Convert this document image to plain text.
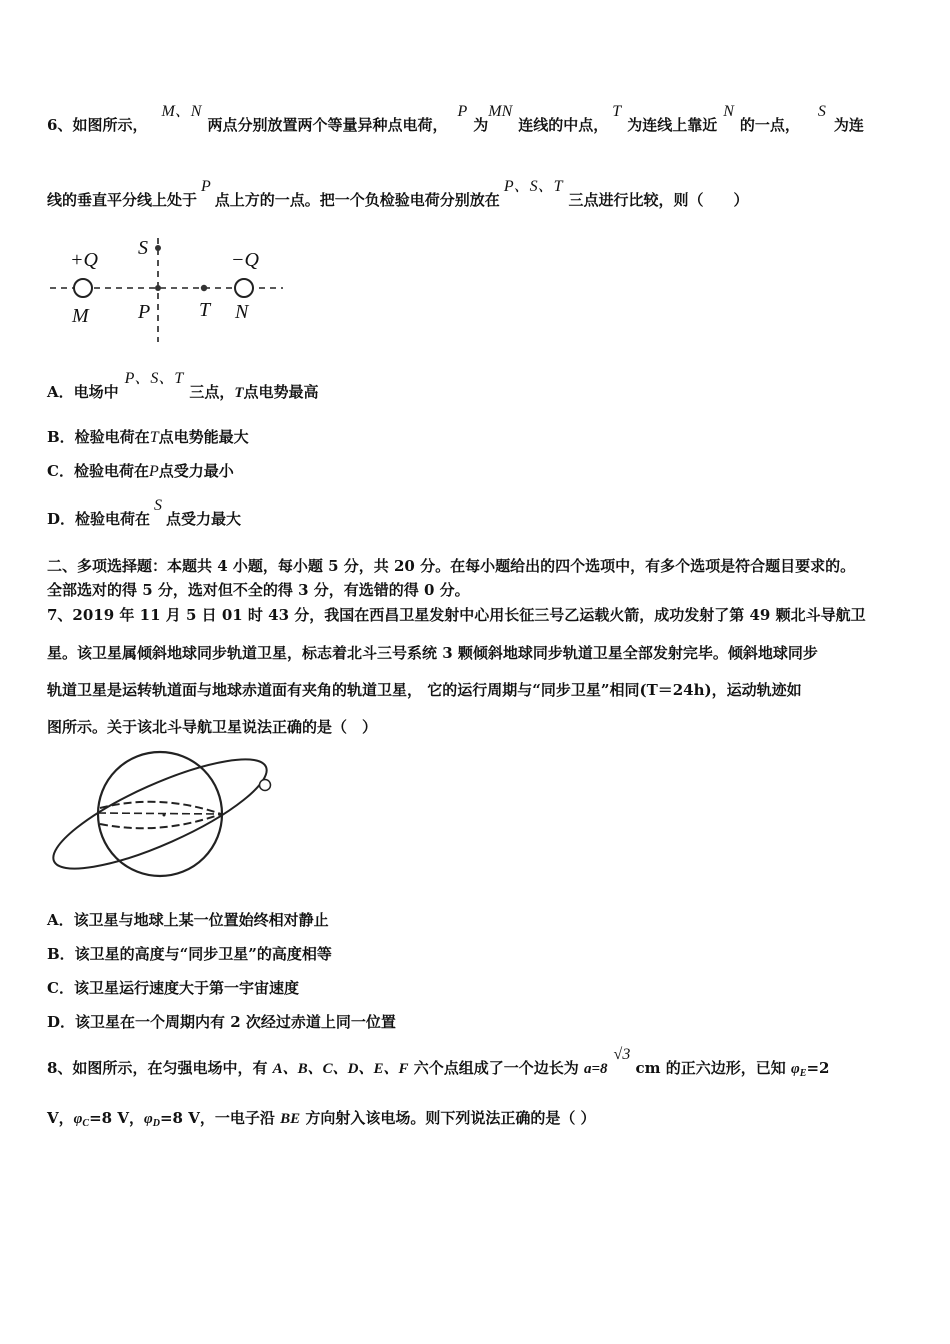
6、如图所示，M、N两点分别放置两个等量异种点电荷，P为MN连线的中点，T为连线上靠近N的一点，S为连
线的垂直平分线上处于P点上方的一点。把一个负检验电荷分别放在P、S、T三点进行比较，则（　　）
+Q	−Q
S
M P T N
A．电场中P、S、T三点，T点电势最高
B．检验电荷在T点电势能最大
C．检验电荷在P点受力最小
D．检验电荷在S点受力最大
二、多项选择题：本题共 4 小题，每小题 5 分，共 20 分。在每小题给出的四个选项中，有多个选项是符合题目要求的。
全部选对的得 5 分，选对但不全的得 3 分，有选错的得 0 分。
7、2019 年 11 月 5 日 01 时 43 分，我国在西昌卫星发射中心用长征三号乙运载火箭，成功发射了第 49 颗北斗导航卫
星。该卫星属倾斜地球同步轨道卫星，标志着北斗三号系统 3 颗倾斜地球同步轨道卫星全部发射完毕。倾斜地球同步
轨道卫星是运转轨道面与地球赤道面有夹角的轨道卫星， 它的运行周期与“同步卫星”相同(T＝24h)，运动轨迹如
图所示。关于该北斗导航卫星说法正确的是（　）
A．该卫星与地球上某一位置始终相对静止
B．该卫星的高度与“同步卫星”的高度相等
C．该卫星运行速度大于第一宇宙速度
D．该卫星在一个周期内有 2 次经过赤道上同一位置
8、如图所示，在匀强电场中，有 A、B、C、D、E、F 六个点组成了一个边长为 a=8√3 cm 的正六边形，已知 $\varphi_E=2$
V，$\varphi_C=8$ V，$\varphi_D=8$ V，一电子沿 BE 方向射入该电场。则下列说法正确的是（ ）
